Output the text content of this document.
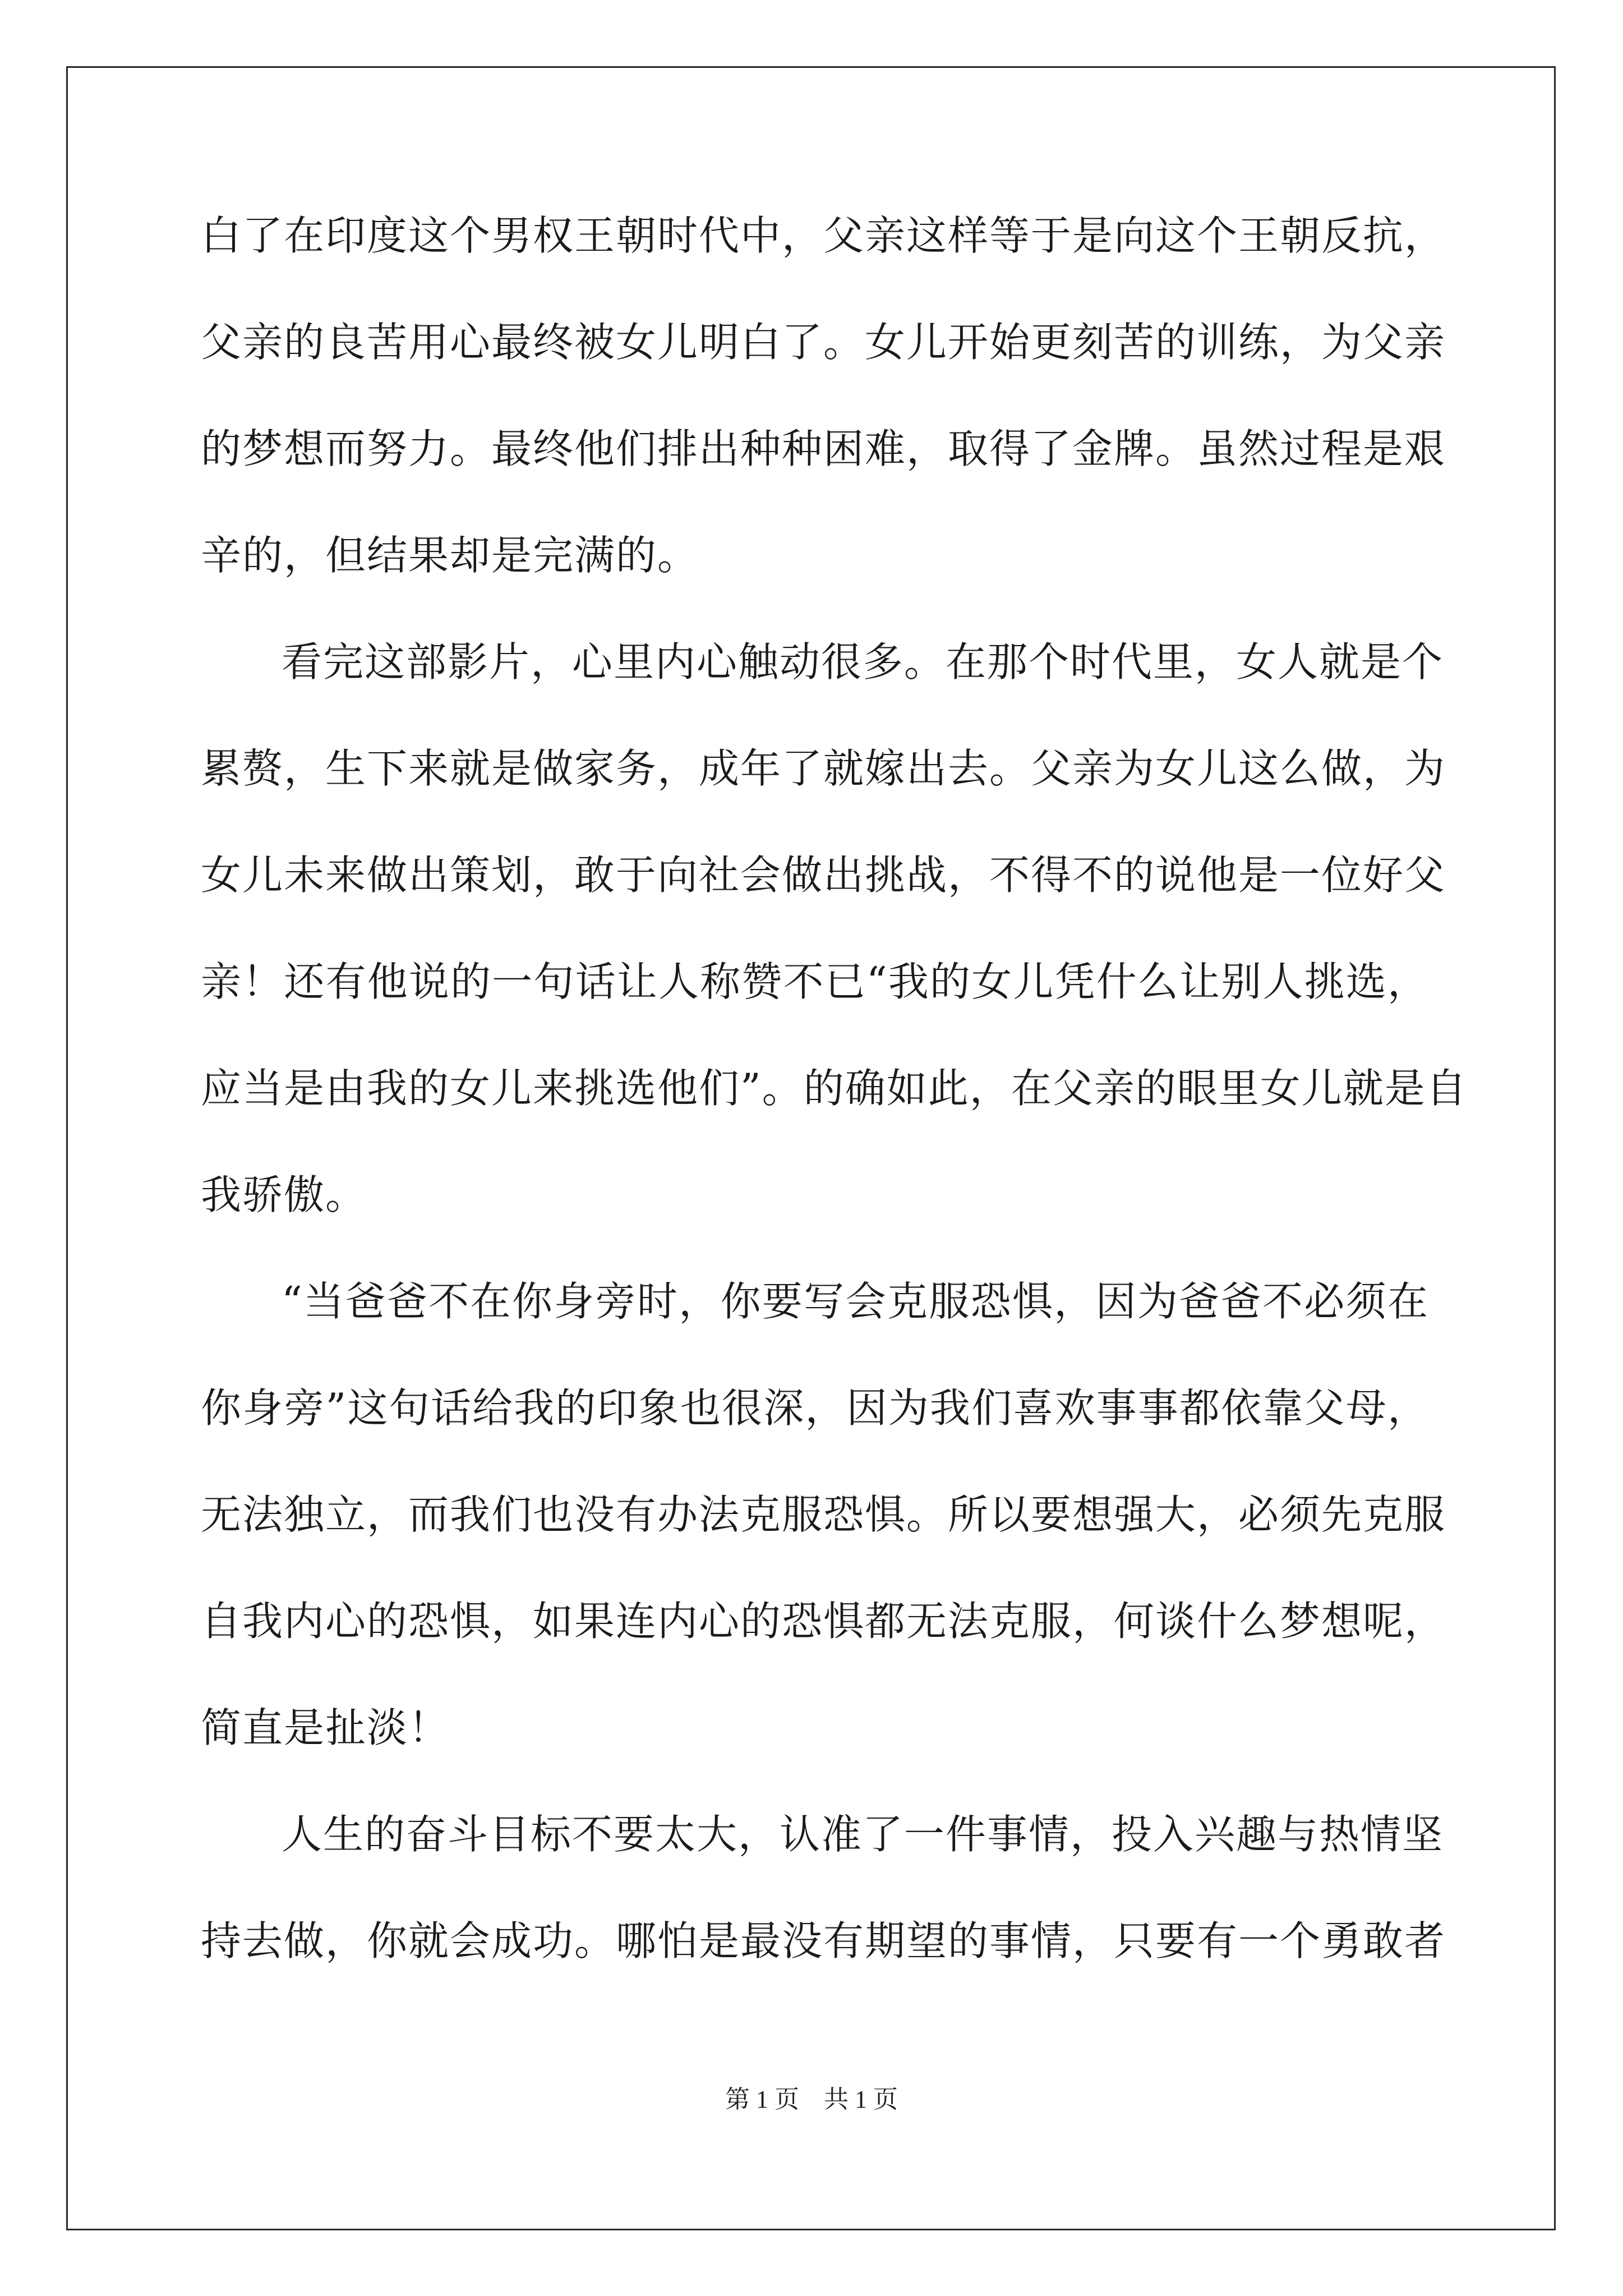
白了在印度这个男权王朝时代中，父亲这样等于是向这个王朝反抗，
父亲的良苦用心最终被女儿明白了。女儿开始更刻苦的训练，为父亲
的梦想而努力。最终他们排出种种困难，取得了金牌。虽然过程是艰
辛的，但结果却是完满的。
看完这部影片，心里内心触动很多。在那个时代里，女人就是个
累赘，生下来就是做家务，成年了就嫁出去。父亲为女儿这么做，为
女儿未来做出策划，敢于向社会做出挑战，不得不的说他是一位好父
亲！还有他说的一句话让人称赞不已“我的女儿凭什么让别人挑选，
应当是由我的女儿来挑选他们”。的确如此，在父亲的眼里女儿就是自
我骄傲。
“当爸爸不在你身旁时，你要写会克服恐惧，因为爸爸不必须在
你身旁”这句话给我的印象也很深，因为我们喜欢事事都依靠父母，
无法独立，而我们也没有办法克服恐惧。所以要想强大，必须先克服
自我内心的恐惧，如果连内心的恐惧都无法克服，何谈什么梦想呢，
简直是扯淡！
人生的奋斗目标不要太大，认准了一件事情，投入兴趣与热情坚
持去做，你就会成功。哪怕是最没有期望的事情，只要有一个勇敢者
第 1 页 共 1 页
